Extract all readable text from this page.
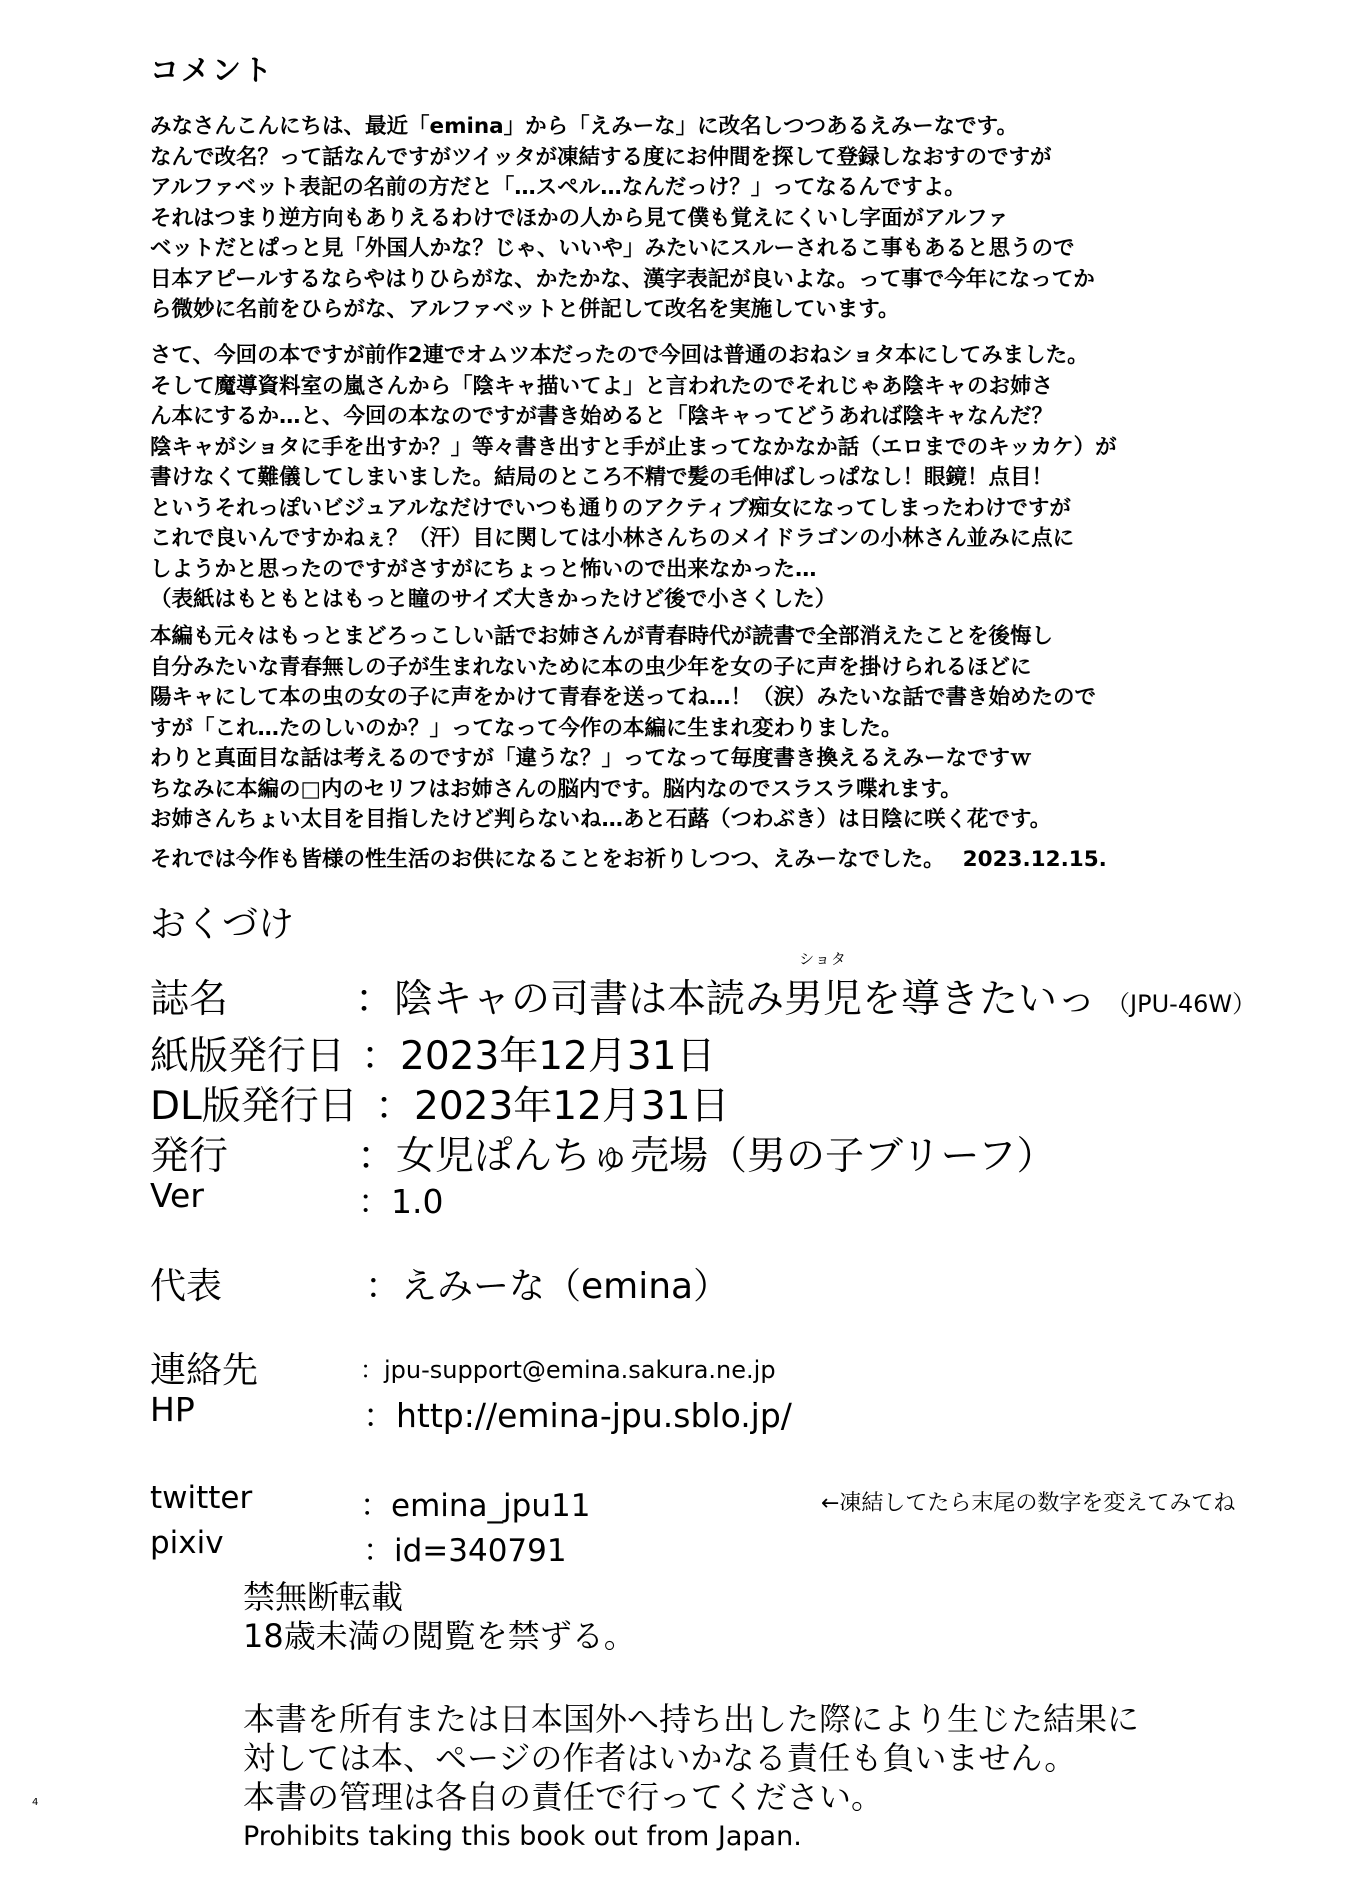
コメント
みなさんこんにちは、最近「emina」から「えみーな」に改名しつつあるえみーなです。
なんで改名？って話なんですがツイッタが凍結する度にお仲間を探して登録しなおすのですが
アルファベット表記の名前の方だと「…スペル…なんだっけ？」ってなるんですよ。
それはつまり逆方向もありえるわけでほかの人から見て僕も覚えにくいし字面がアルファ
ベットだとぱっと見「外国人かな？じゃ、いいや」みたいにスルーされるこ事もあると思うので
日本アピールするならやはりひらがな、かたかな、漢字表記が良いよな。って事で今年になってか
ら微妙に名前をひらがな、アルファベットと併記して改名を実施しています。
さて、今回の本ですが前作2連でオムツ本だったので今回は普通のおねショタ本にしてみました。
そして魔導資料室の嵐さんから「陰キャ描いてよ」と言われたのでそれじゃあ陰キャのお姉さ
ん本にするか…と、今回の本なのですが書き始めると「陰キャってどうあれば陰キャなんだ？
陰キャがショタに手を出すか？」等々書き出すと手が止まってなかなか話（エロまでのキッカケ）が
書けなくて難儀してしまいました。結局のところ不精で髪の毛伸ばしっぱなし！眼鏡！点目！
というそれっぽいビジュアルなだけでいつも通りのアクティブ痴女になってしまったわけですが
これで良いんですかねぇ？（汗）目に関しては小林さんちのメイドラゴンの小林さん並みに点に
しようかと思ったのですがさすがにちょっと怖いので出来なかった…
（表紙はもともとはもっと瞳のサイズ大きかったけど後で小さくした）
本編も元々はもっとまどろっこしい話でお姉さんが青春時代が読書で全部消えたことを後悔し
自分みたいな青春無しの子が生まれないために本の虫少年を女の子に声を掛けられるほどに
陽キャにして本の虫の女の子に声をかけて青春を送ってね…！（涙）みたいな話で書き始めたので
すが「これ…たのしいのか？」ってなって今作の本編に生まれ変わりました。
わりと真面目な話は考えるのですが「違うな？」ってなって毎度書き換えるえみーなですｗ
ちなみに本編の□内のセリフはお姉さんの脳内です。脳内なのでスラスラ喋れます。
お姉さんちょい太目を目指したけど判らないね…あと石蕗（つわぶき）は日陰に咲く花です。
それでは今作も皆様の性生活のお供になることをお祈りしつつ、えみーなでした。 2023.12.15.
おくづけ
誌名	：陰キャの司書は本読み
ショタ
男児を導きたいっ （JPU-46W）
紙版発行日 ：2023年12月31日
DL版発行日 ：2023年12月31日
発行	：女児ぱんちゅ売場（男の子ブリーフ）
Ver	：1.0
代表	：えみーな（emina）
連絡先	：jpu-support@emina.sakura.ne.jp
HP	：http://emina-jpu.sblo.jp/
twitter	：emina_jpu11	←凍結してたら末尾の数字を変えてみてね
pixiv	：id=340791
禁無断転載
18歳未満の閲覧を禁ずる。
本書を所有または日本国外へ持ち出した際により生じた結果に
対しては本、ページの作者はいかなる責任も負いません。
本書の管理は各自の責任で行ってください。
Prohibits taking this book out from Japan.
4
